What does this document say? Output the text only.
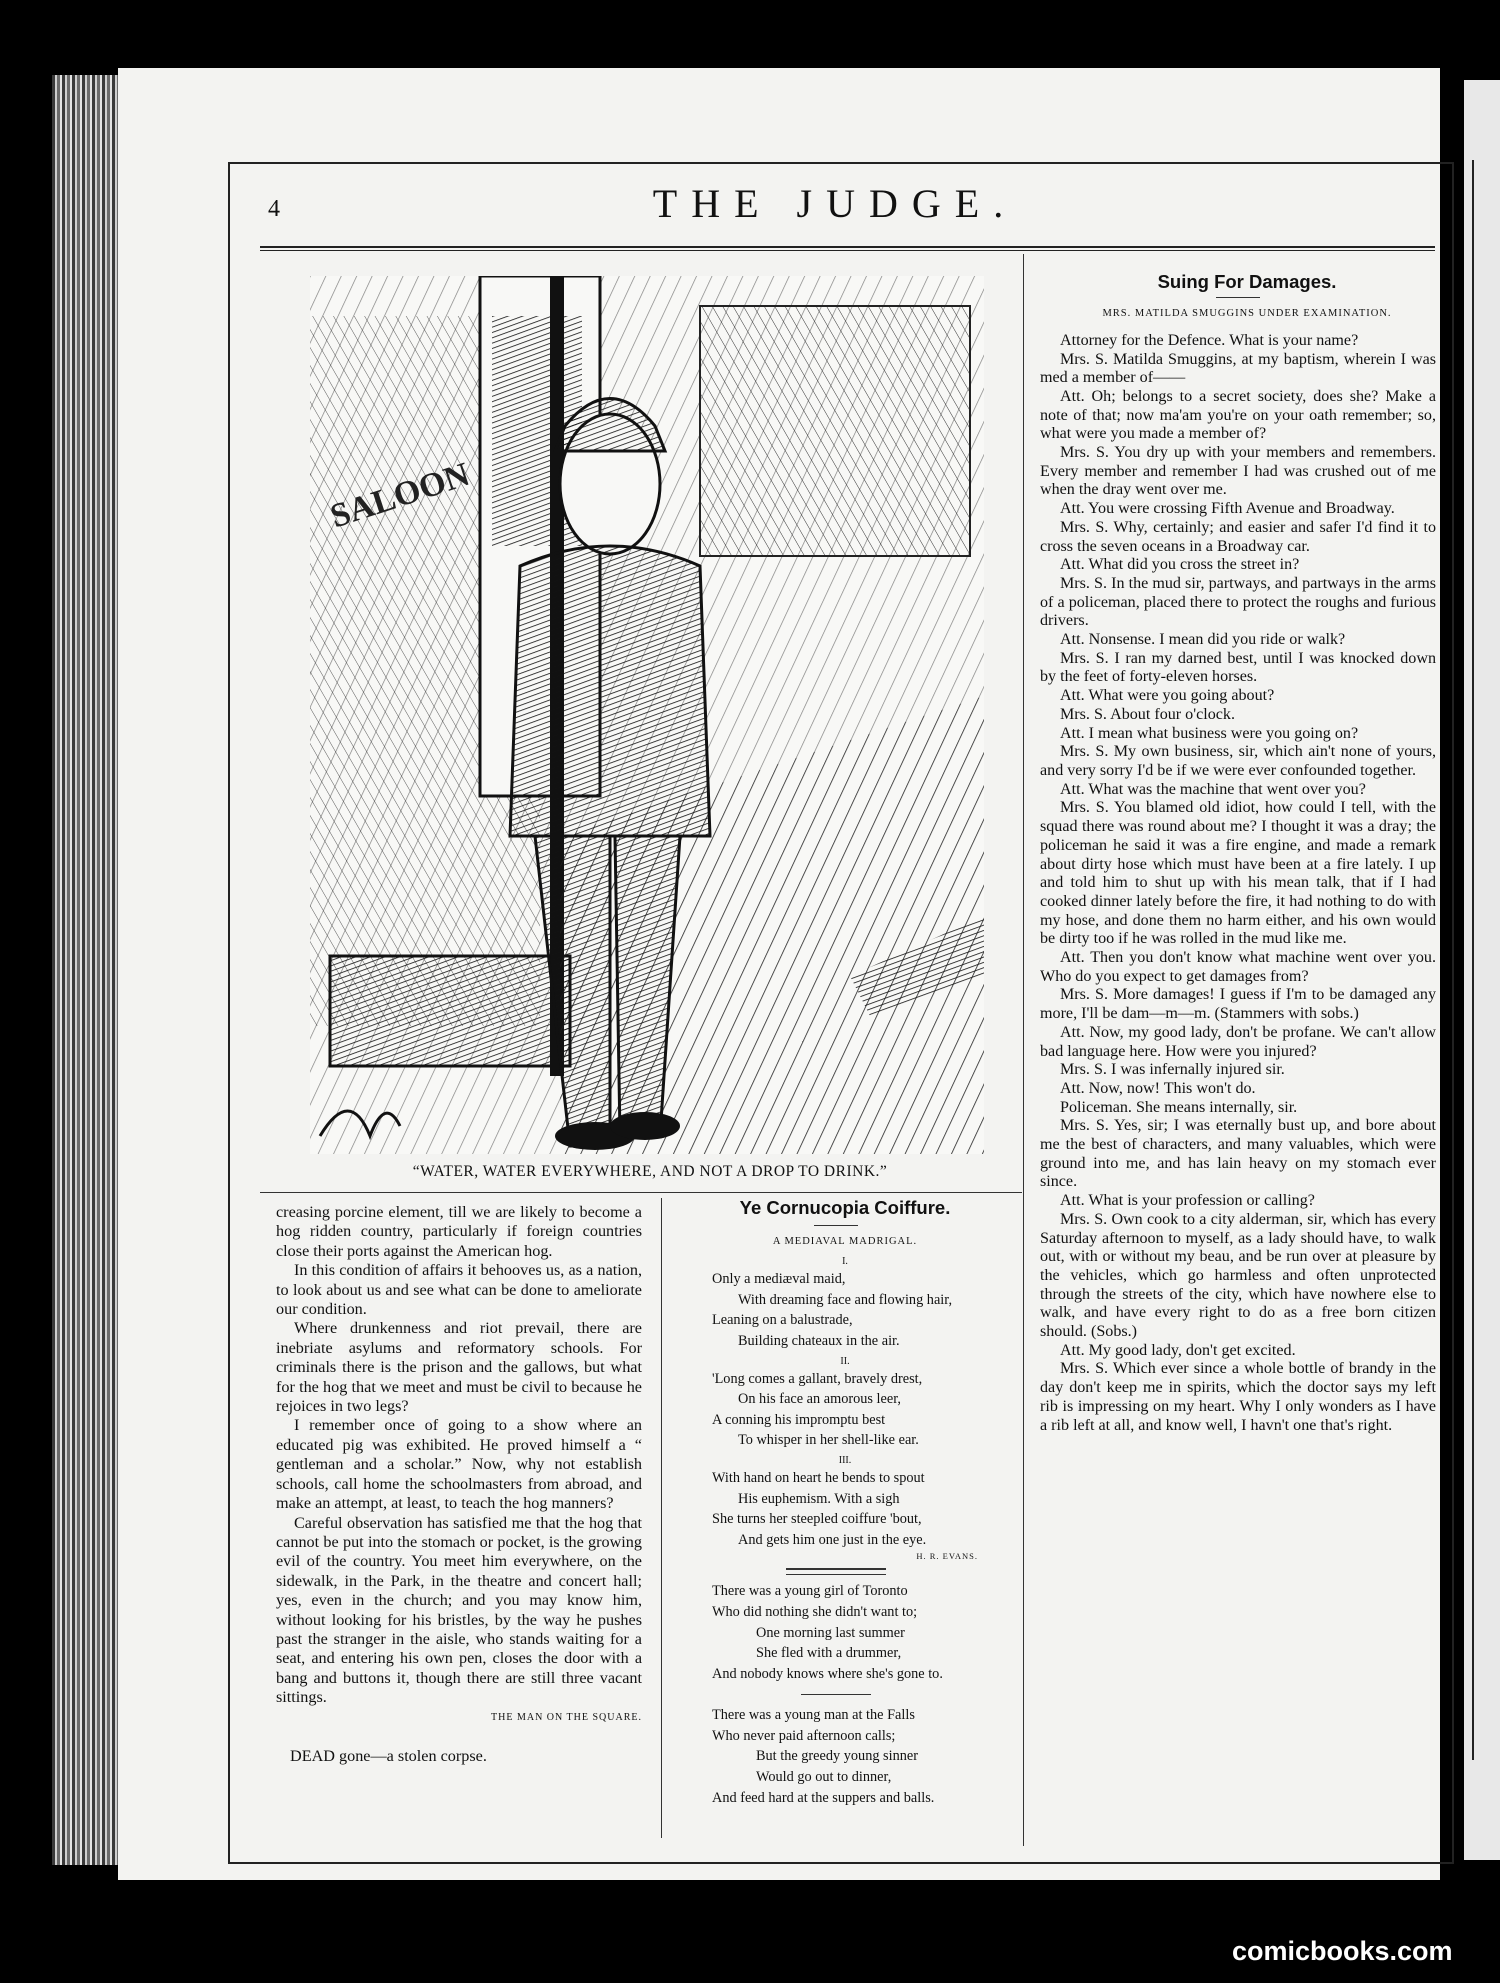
4	THE JUDGE.
SALOON
“WATER, WATER EVERYWHERE, AND NOT A DROP TO DRINK.”

creasing porcine element, till we are likely to become a hog ridden country, particularly if foreign countries close their ports against the American hog.

In this condition of affairs it behooves us, as a nation, to look about us and see what can be done to ameliorate our condition.

Where drunkenness and riot prevail, there are inebriate asylums and reformatory schools. For criminals there is the prison and the gallows, but what for the hog that we meet and must be civil to because he rejoices in two legs?

I remember once of going to a show where an educated pig was exhibited. He proved himself a “ gentleman and a scholar.” Now, why not establish schools, call home the schoolmasters from abroad, and make an attempt, at least, to teach the hog manners?

Careful observation has satisfied me that the hog that cannot be put into the stomach or pocket, is the growing evil of the country. You meet him everywhere, on the sidewalk, in the Park, in the theatre and concert hall; yes, even in the church; and you may know him, without looking for his bristles, by the way he pushes past the stranger in the aisle, who stands waiting for a seat, and entering his own pen, closes the door with a bang and buttons it, though there are still three vacant sittings.

THE MAN ON THE SQUARE.

DEAD gone—a stolen corpse.

Ye Cornucopia Coiffure.

A MEDIAVAL MADRIGAL.

I.

Only a mediæval maid,

With dreaming face and flowing hair,

Leaning on a balustrade,

Building chateaux in the air.

II.

'Long comes a gallant, bravely drest,

On his face an amorous leer,

A conning his impromptu best

To whisper in her shell-like ear.

III.

With hand on heart he bends to spout

His euphemism. With a sigh

She turns her steepled coiffure 'bout,

And gets him one just in the eye.

H. R. EVANS.

There was a young girl of Toronto

Who did nothing she didn't want to;

One morning last summer

She fled with a drummer,

And nobody knows where she's gone to.

There was a young man at the Falls

Who never paid afternoon calls;

But the greedy young sinner

Would go out to dinner,

And feed hard at the suppers and balls.

Suing For Damages.

MRS. MATILDA SMUGGINS UNDER EXAMINATION.

Attorney for the Defence. What is your name?

Mrs. S. Matilda Smuggins, at my baptism, wherein I was med a member of——

Att. Oh; belongs to a secret society, does she? Make a note of that; now ma'am you're on your oath remember; so, what were you made a member of?

Mrs. S. You dry up with your members and remembers. Every member and remember I had was crushed out of me when the dray went over me.

Att. You were crossing Fifth Avenue and Broadway.

Mrs. S. Why, certainly; and easier and safer I'd find it to cross the seven oceans in a Broadway car.

Att. What did you cross the street in?

Mrs. S. In the mud sir, partways, and partways in the arms of a policeman, placed there to protect the roughs and furious drivers.

Att. Nonsense. I mean did you ride or walk?

Mrs. S. I ran my darned best, until I was knocked down by the feet of forty-eleven horses.

Att. What were you going about?

Mrs. S. About four o'clock.

Att. I mean what business were you going on?

Mrs. S. My own business, sir, which ain't none of yours, and very sorry I'd be if we were ever confounded together.

Att. What was the machine that went over you?

Mrs. S. You blamed old idiot, how could I tell, with the squad there was round about me? I thought it was a dray; the policeman he said it was a fire engine, and made a remark about dirty hose which must have been at a fire lately. I up and told him to shut up with his mean talk, that if I had cooked dinner lately before the fire, it had nothing to do with my hose, and done them no harm either, and his own would be dirty too if he was rolled in the mud like me.

Att. Then you don't know what machine went over you. Who do you expect to get damages from?

Mrs. S. More damages! I guess if I'm to be damaged any more, I'll be dam—m—m. (Stammers with sobs.)

Att. Now, my good lady, don't be profane. We can't allow bad language here. How were you injured?

Mrs. S. I was infernally injured sir.

Att. Now, now! This won't do.

Policeman. She means internally, sir.

Mrs. S. Yes, sir; I was eternally bust up, and bore about me the best of characters, and many valuables, which were ground into me, and has lain heavy on my stomach ever since.

Att. What is your profession or calling?

Mrs. S. Own cook to a city alderman, sir, which has every Saturday afternoon to myself, as a lady should have, to walk out, with or without my beau, and be run over at pleasure by the vehicles, which go harmless and often unprotected through the streets of the city, which have nowhere else to walk, and have every right to do as a free born citizen should. (Sobs.)

Att. My good lady, don't get excited.

Mrs. S. Which ever since a whole bottle of brandy in the day don't keep me in spirits, which the doctor says my left rib is impressing on my heart. Why I only wonders as I have a rib left at all, and know well, I havn't one that's right.

comicbooks.com
